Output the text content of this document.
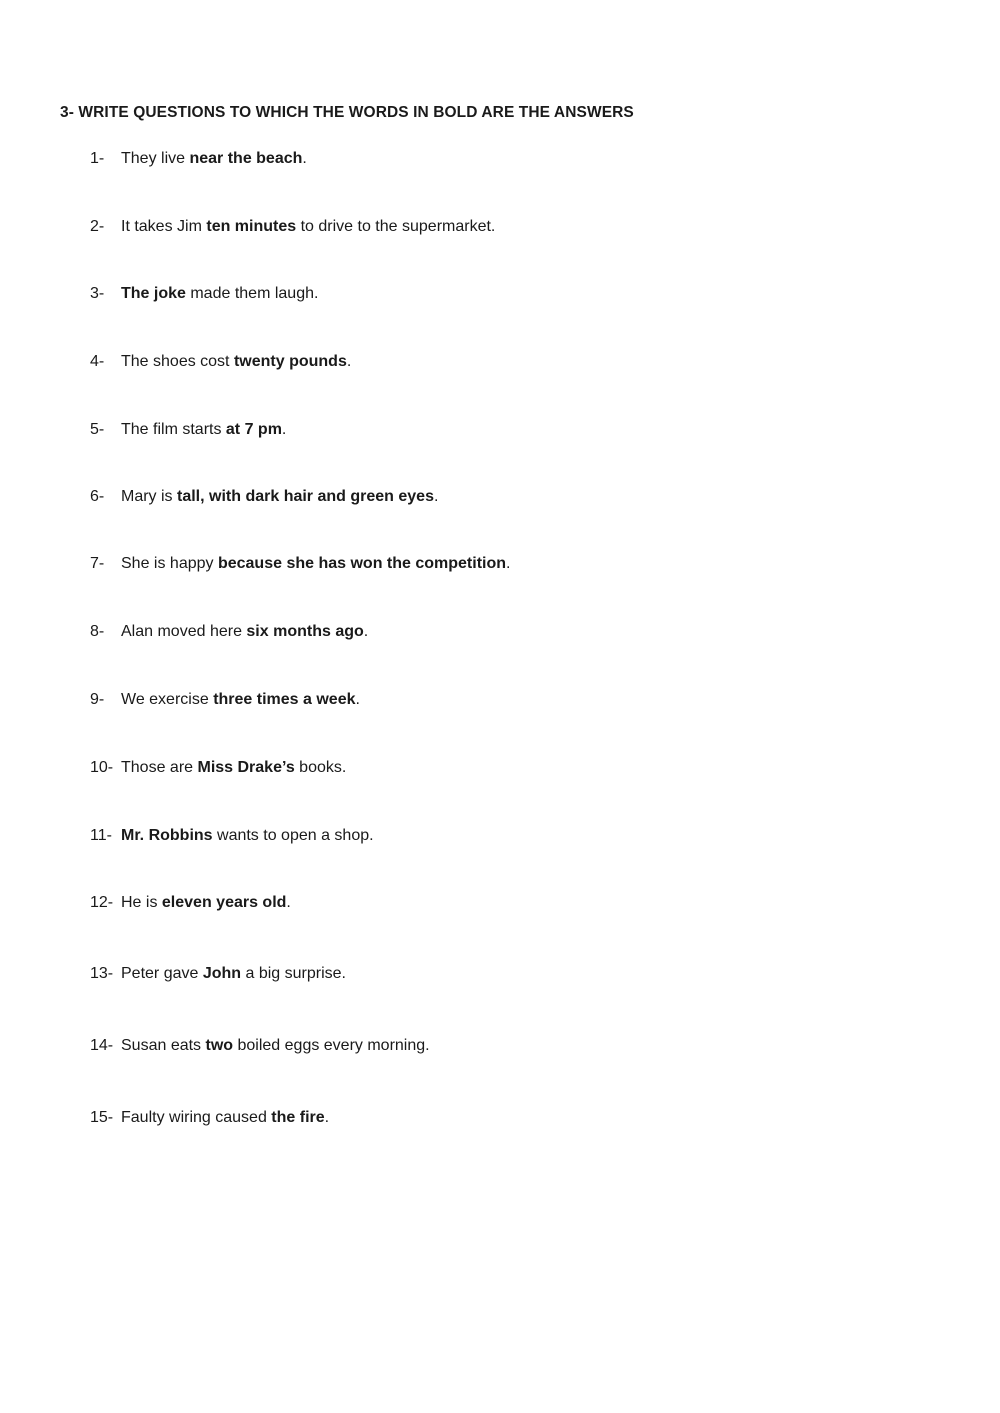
3- WRITE QUESTIONS TO WHICH THE WORDS IN BOLD ARE THE ANSWERS
1- They live near the beach.
2- It takes Jim ten minutes to drive to the supermarket.
3- The joke made them laugh.
4- The shoes cost twenty pounds.
5- The film starts at 7 pm.
6- Mary is tall, with dark hair and green eyes.
7- She is happy because she has won the competition.
8- Alan moved here six months ago.
9- We exercise three times a week.
10- Those are Miss Drake’s books.
11- Mr. Robbins wants to open a shop.
12- He is eleven years old.
13- Peter gave John a big surprise.
14- Susan eats two boiled eggs every morning.
15- Faulty wiring caused the fire.
